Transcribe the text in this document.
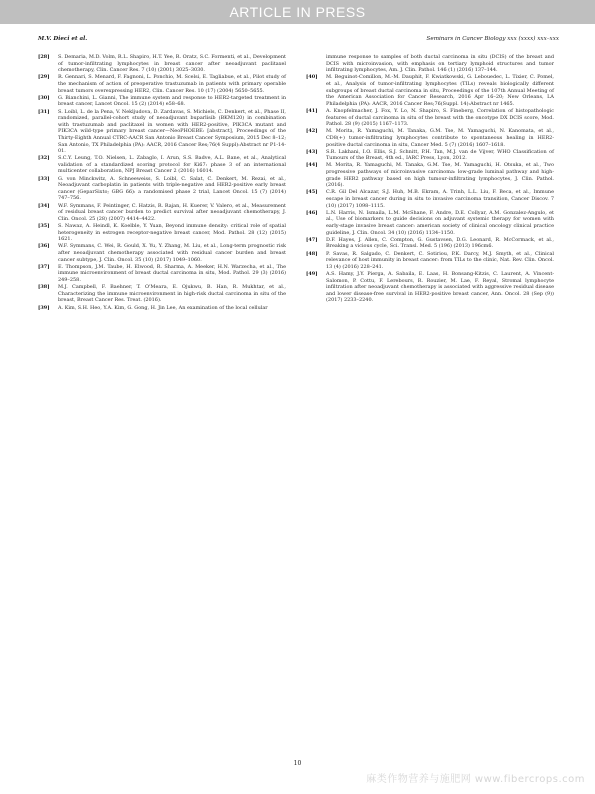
ARTICLE IN PRESS
M.V. Dieci et al.	Seminars in Cancer Biology xxx (xxxx) xxx–xxx
[28] S. Demaria, M.D. Volm, R.L. Shapiro, H.T. Yee, R. Oratz, S.C. Formenti, et al., Development of tumor-infiltrating lymphocytes in breast cancer after neoadjuvant paclitaxel chemotherapy, Clin. Cancer Res. 7 (10) (2001) 3025–3030.
[29] R. Gennari, S. Menard, F. Fagnoni, L. Ponchio, M. Scelsi, E. Tagliabue, et al., Pilot study of the mechanism of action of preoperative trastuzumab in patients with primary operable breast tumors overexpressing HER2, Clin. Cancer Res. 10 (17) (2004) 5650–5655.
[30] G. Bianchini, L. Gianni, The immune system and response to HER2-targeted treatment in breast cancer, Lancet Oncol. 15 (2) (2014) e58–68.
[31] S. Loibl, L. de la Pena, V. Nekljudova, D. Zardavas, S. Michiels, C. Denkert, et al., Phase II, randomized, parallel-cohort study of neoadjuvant buparlisib (BKM120) in combination with trastuzumab and paclitaxel in women with HER2-positive, PIK3CA mutant and PIK3CA wild-type primary breast cancer—NeoPHOEBE: [abstract], Proceedings of the Thirty-Eighth Annual CTRC-AACR San Antonio Breast Cancer Symposium, 2015 Dec 8–12; San Antonio, TX Philadelphia (PA): AACR, 2016 Cancer Res;76(4 Suppl):Abstract nr P1-14-01.
[32] S.C.Y. Leung, T.O. Nielsen, L. Zabaglo, I. Arun, S.S. Badve, A.L. Bane, et al., Analytical validation of a standardized scoring protocol for Ki67: phase 3 of an international multicenter collaboration, NPJ Breast Cancer 2 (2016) 16014.
[33] G. von Minckwitz, A. Schneeweiss, S. Loibl, C. Salat, C. Denkert, M. Rezai, et al., Neoadjuvant carboplatin in patients with triple-negative and HER2-positive early breast cancer (GeparSixto; GBG 66): a randomised phase 2 trial, Lancet Oncol. 15 (7) (2014) 747–756.
[34] W.F. Symmans, F. Peintinger, C. Hatzis, R. Rajan, H. Kuerer, V. Valero, et al., Measurement of residual breast cancer burden to predict survival after neoadjuvant chemotherapy, J. Clin. Oncol. 25 (28) (2007) 4414–4422.
[35] S. Nawaz, A. Heindl, K. Koelble, Y. Yuan, Beyond immune density: critical role of spatial heterogeneity in estrogen receptor-negative breast cancer, Mod. Pathol. 28 (12) (2015) 1621.
[36] W.F. Symmans, C. Wei, R. Gould, X. Yu, Y. Zhang, M. Liu, et al., Long-term prognostic risk after neoadjuvant chemotherapy associated with residual cancer burden and breast cancer subtype, J. Clin. Oncol. 35 (10) (2017) 1049–1060.
[37] E. Thompson, J.M. Taube, H. Elwood, R. Sharma, A. Meeker, H.N. Warzecha, et al., The immune microenvironment of breast ductal carcinoma in situ, Mod. Pathol. 29 (3) (2016) 249–258.
[38] M.J. Campbell, F. Baehner, T. O'Meara, E. Ojukwu, B. Han, R. Mukhtar, et al., Characterizing the immune microenvironment in high-risk ductal carcinoma in situ of the breast, Breast Cancer Res. Treat. (2016).
[39] A. Kim, S.H. Heo, Y.A. Kim, G. Gong, H. Jin Lee, An examination of the local cellular
immune response to samples of both ductal carcinoma in situ (DCIS) of the breast and DCIS with microinvasion, with emphasis on tertiary lymphoid structures and tumor infiltrating lymphocytes, Am. J. Clin. Pathol. 146 (1) (2016) 137–144.
[40] M. Beguinot-Comillon, M.-M. Dauphit, F. Kwiatkowski, G. Lebouedec, L. Tixier, C. Pomel, et al., Analysis of tumor-infiltrating lymphocytes (TILs) reveals biologically different subgroups of breast ductal carcinoma in situ, Proceedings of the 107th Annual Meeting of the American Association for Cancer Research, 2016 Apr 16–20; New Orleans, LA Philadelphia (PA): AACR, 2016 Cancer Res;76(Suppl. 14):Abstract nr 1465.
[41] A. Knopfelmacher, J. Fox, Y. Lo, N. Shapiro, S. Fineberg, Correlation of histopathologic features of ductal carcinoma in situ of the breast with the oncotype DX DCIS score, Mod. Pathol. 28 (9) (2015) 1167–1173.
[42] M. Morita, R. Yamaguchi, M. Tanaka, G.M. Tse, M. Yamaguchi, N. Kanomata, et al., CD8(+) tumor-infiltrating lymphocytes contribute to spontaneous healing in HER2-positive ductal carcinoma in situ, Cancer Med. 5 (7) (2016) 1607–1618.
[43] S.R. Lakhani, I.O. Ellis, S.J. Schnitt, P.H. Tan, M.J. van de Vijver, WHO Classification of Tumours of the Breast, 4th ed., IARC Press, Lyon, 2012.
[44] M. Morita, R. Yamaguchi, M. Tanaka, G.M. Tse, M. Yamaguchi, H. Otsuka, et al., Two progressive pathways of microinvasive carcinoma: low-grade luminal pathway and high-grade HER2 pathway based on high tumour-infiltrating lymphocytes, J. Clin. Pathol. (2016).
[45] C.R. Gil Del Alcazar, S.J. Huh, M.B. Ekram, A. Trinh, L.L. Liu, F. Beca, et al., Immune escape in breast cancer during in situ to invasive carcinoma transition, Cancer Discov. 7 (10) (2017) 1098–1115.
[46] L.N. Harris, N. Ismaila, L.M. McShane, F. Andre, D.E. Collyar, A.M. Gonzalez-Angulo, et al., Use of biomarkers to guide decisions on adjuvant systemic therapy for women with early-stage invasive breast cancer: american society of clinical oncology clinical practice guideline, J. Clin. Oncol. 34 (10) (2016) 1134–1150.
[47] D.F. Hayes, J. Allen, C. Compton, G. Gustavsen, D.G. Leonard, R. McCormack, et al., Breaking a vicious cycle, Sci. Transl. Med. 5 (196) (2013) 196cm6.
[48] P. Savas, R. Salgado, C. Denkert, C. Sotiriou, P.K. Darcy, M.J. Smyth, et al., Clinical relevance of host immunity in breast cancer: from TILs to the clinic, Nat. Rev. Clin. Oncol. 13 (4) (2016) 228–241.
[49] A.S. Hamy, J.Y. Pierga, A. Sabaila, E. Laas, H. Bonsang-Kitzis, C. Laurent, A. Vincent-Salomon, P. Cottu, F. Lerebours, R. Rouzier, M. Lae, F. Reyal, Stromal lymphocyte infiltration after neoadjuvant chemotherapy is associated with aggressive residual disease and lower disease-free survival in HER2-positive breast cancer, Ann. Oncol. 28 (Sep (9)) (2017) 2233–2240.
10
麻类作物营养与施肥网 www.fibercrops.com
